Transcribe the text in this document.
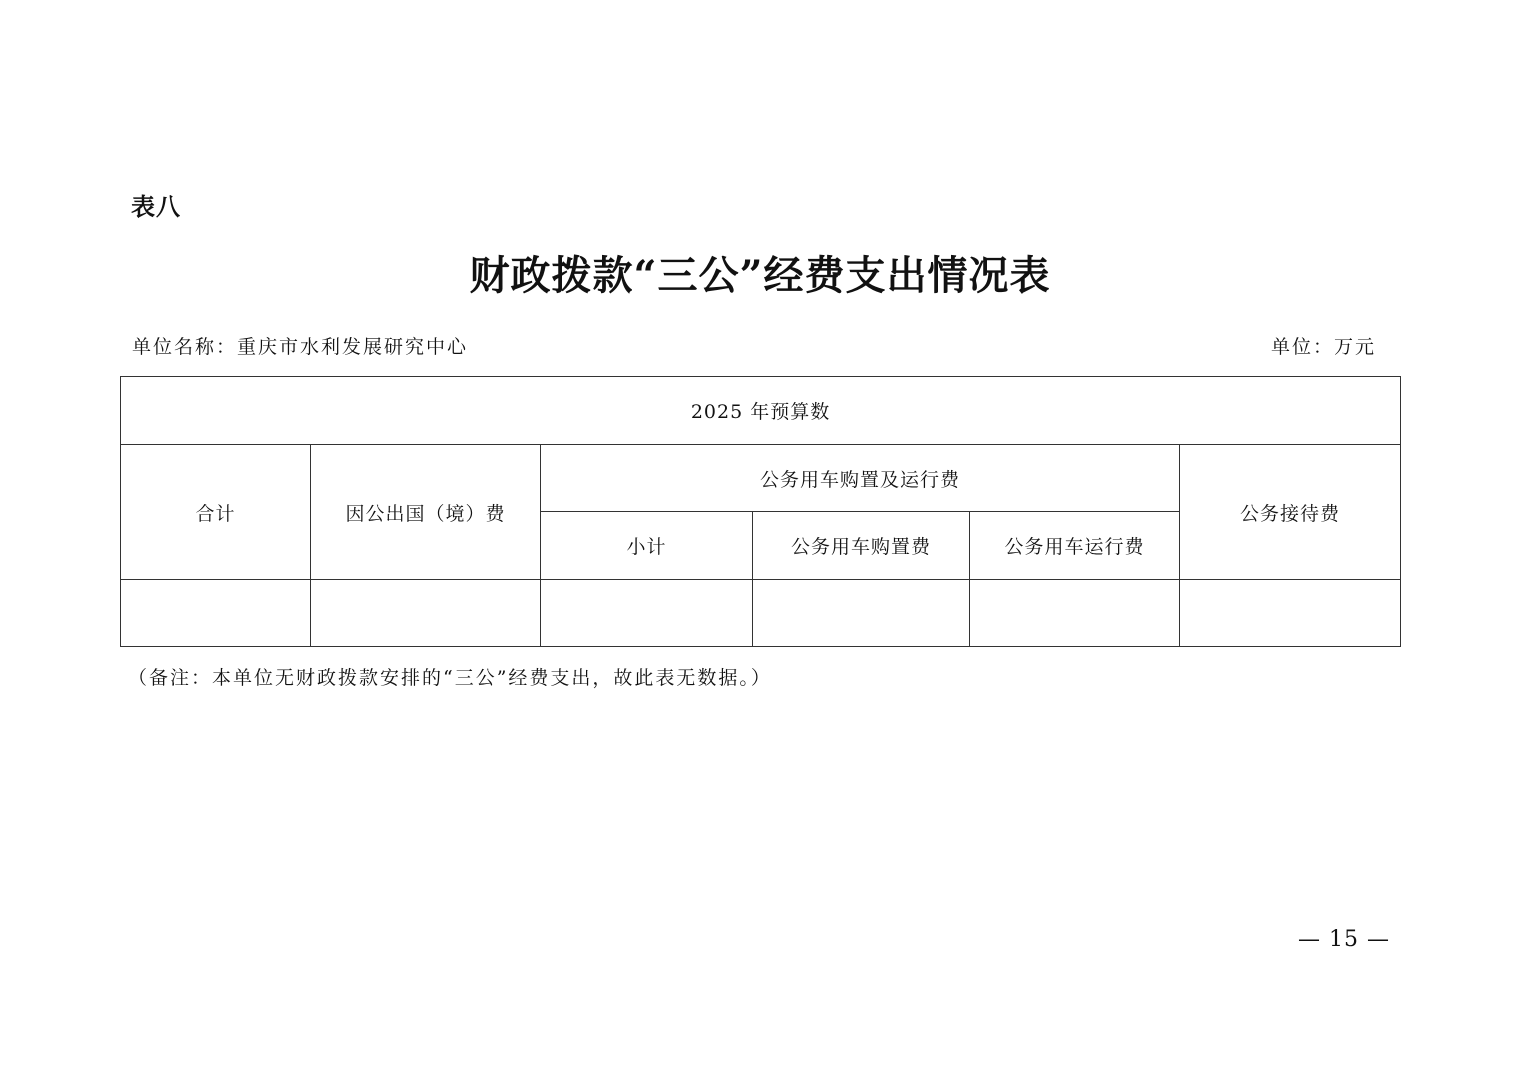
表八
财政拨款“三公”经费支出情况表
单位名称：重庆市水利发展研究中心	单位：万元
2025 年预算数					
合计	因公出国（境）费	公务用车购置及运行费			公务接待费
		小计	公务用车购置费	公务用车运行费	

（备注：本单位无财政拨款安排的“三公”经费支出，故此表无数据。）
— 15 —
